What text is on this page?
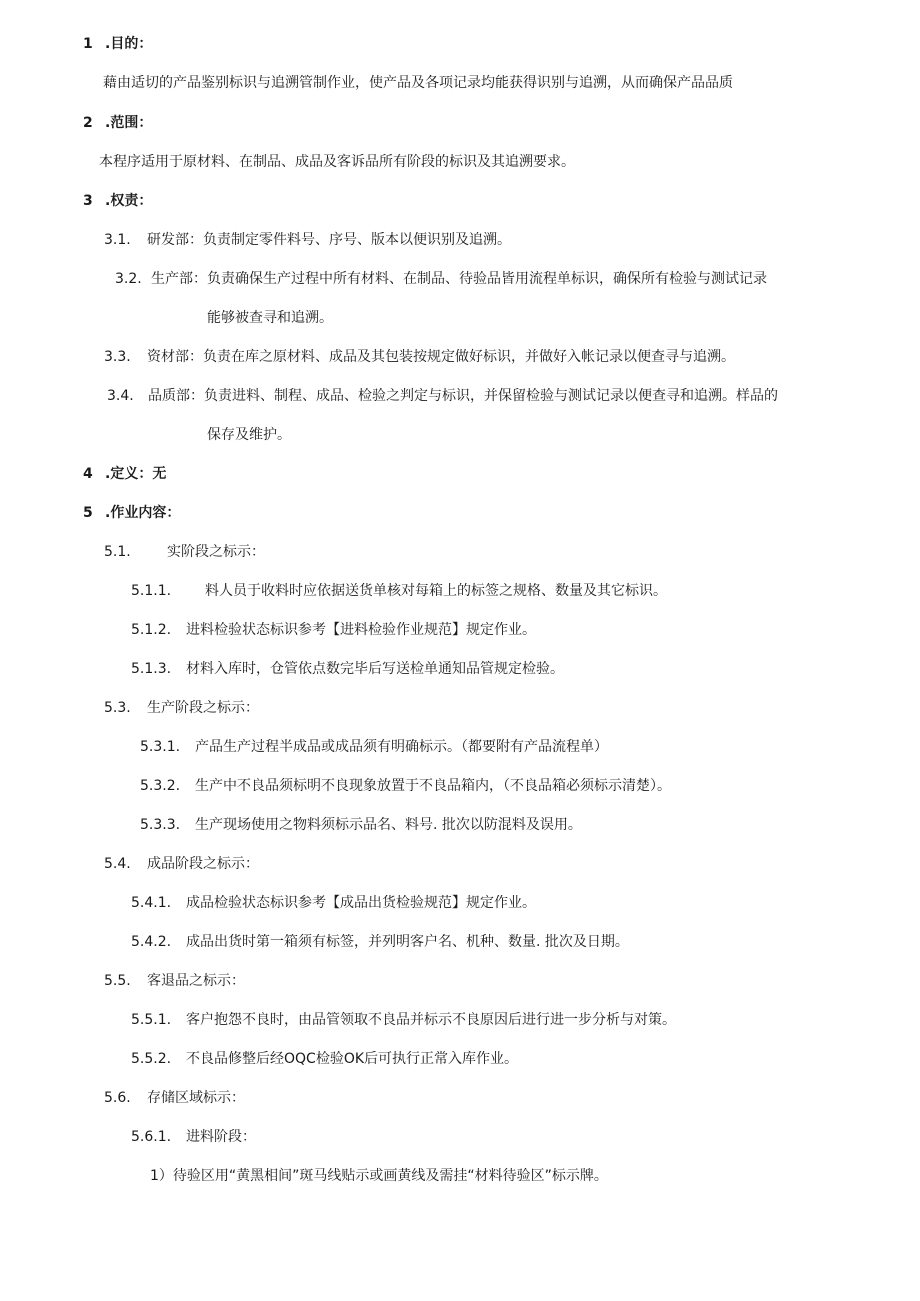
1 .目的：
藉由适切的产品鉴别标识与追溯管制作业，使产品及各项记录均能获得识别与追溯，从而确保产品品质
2 .范围：
本程序适用于原材料、在制品、成品及客诉品所有阶段的标识及其追溯要求。
3 .权责：
3.1. 研发部：负责制定零件料号、序号、版本以便识别及追溯。
3.2. 生产部：负责确保生产过程中所有材料、在制品、待验品皆用流程单标识，确保所有检验与测试记录
能够被查寻和追溯。
3.3. 资材部：负责在库之原材料、成品及其包装按规定做好标识，并做好入帐记录以便查寻与追溯。
3.4. 品质部：负责进料、制程、成品、检验之判定与标识，并保留检验与测试记录以便查寻和追溯。样品的
保存及维护。
4 .定义：无
5 .作业内容：
5.1.	实阶段之标示：
5.1.1. 料人员于收料时应依据送货单核对每箱上的标签之规格、数量及其它标识。
5.1.2. 进料检验状态标识参考【进料检验作业规范】规定作业。
5.1.3. 材料入库时，仓管依点数完毕后写送检单通知品管规定检验。
5.3. 生产阶段之标示：
5.3.1. 产品生产过程半成品或成品须有明确标示。（都要附有产品流程单）
5.3.2. 生产中不良品须标明不良现象放置于不良品箱内，（不良品箱必须标示清楚）。
5.3.3. 生产现场使用之物料须标示品名、料号. 批次以防混料及误用。
5.4. 成品阶段之标示：
5.4.1. 成品检验状态标识参考【成品出货检验规范】规定作业。
5.4.2. 成品出货时第一箱须有标签，并列明客户名、机种、数量. 批次及日期。
5.5. 客退品之标示：
5.5.1. 客户抱怨不良时，由品管领取不良品并标示不良原因后进行进一步分析与对策。
5.5.2. 不良品修整后经OQC检验OK后可执行正常入库作业。
5.6. 存储区域标示：
5.6.1. 进料阶段：
1）待验区用“黄黑相间”斑马线贴示或画黄线及需挂“材料待验区”标示牌。
